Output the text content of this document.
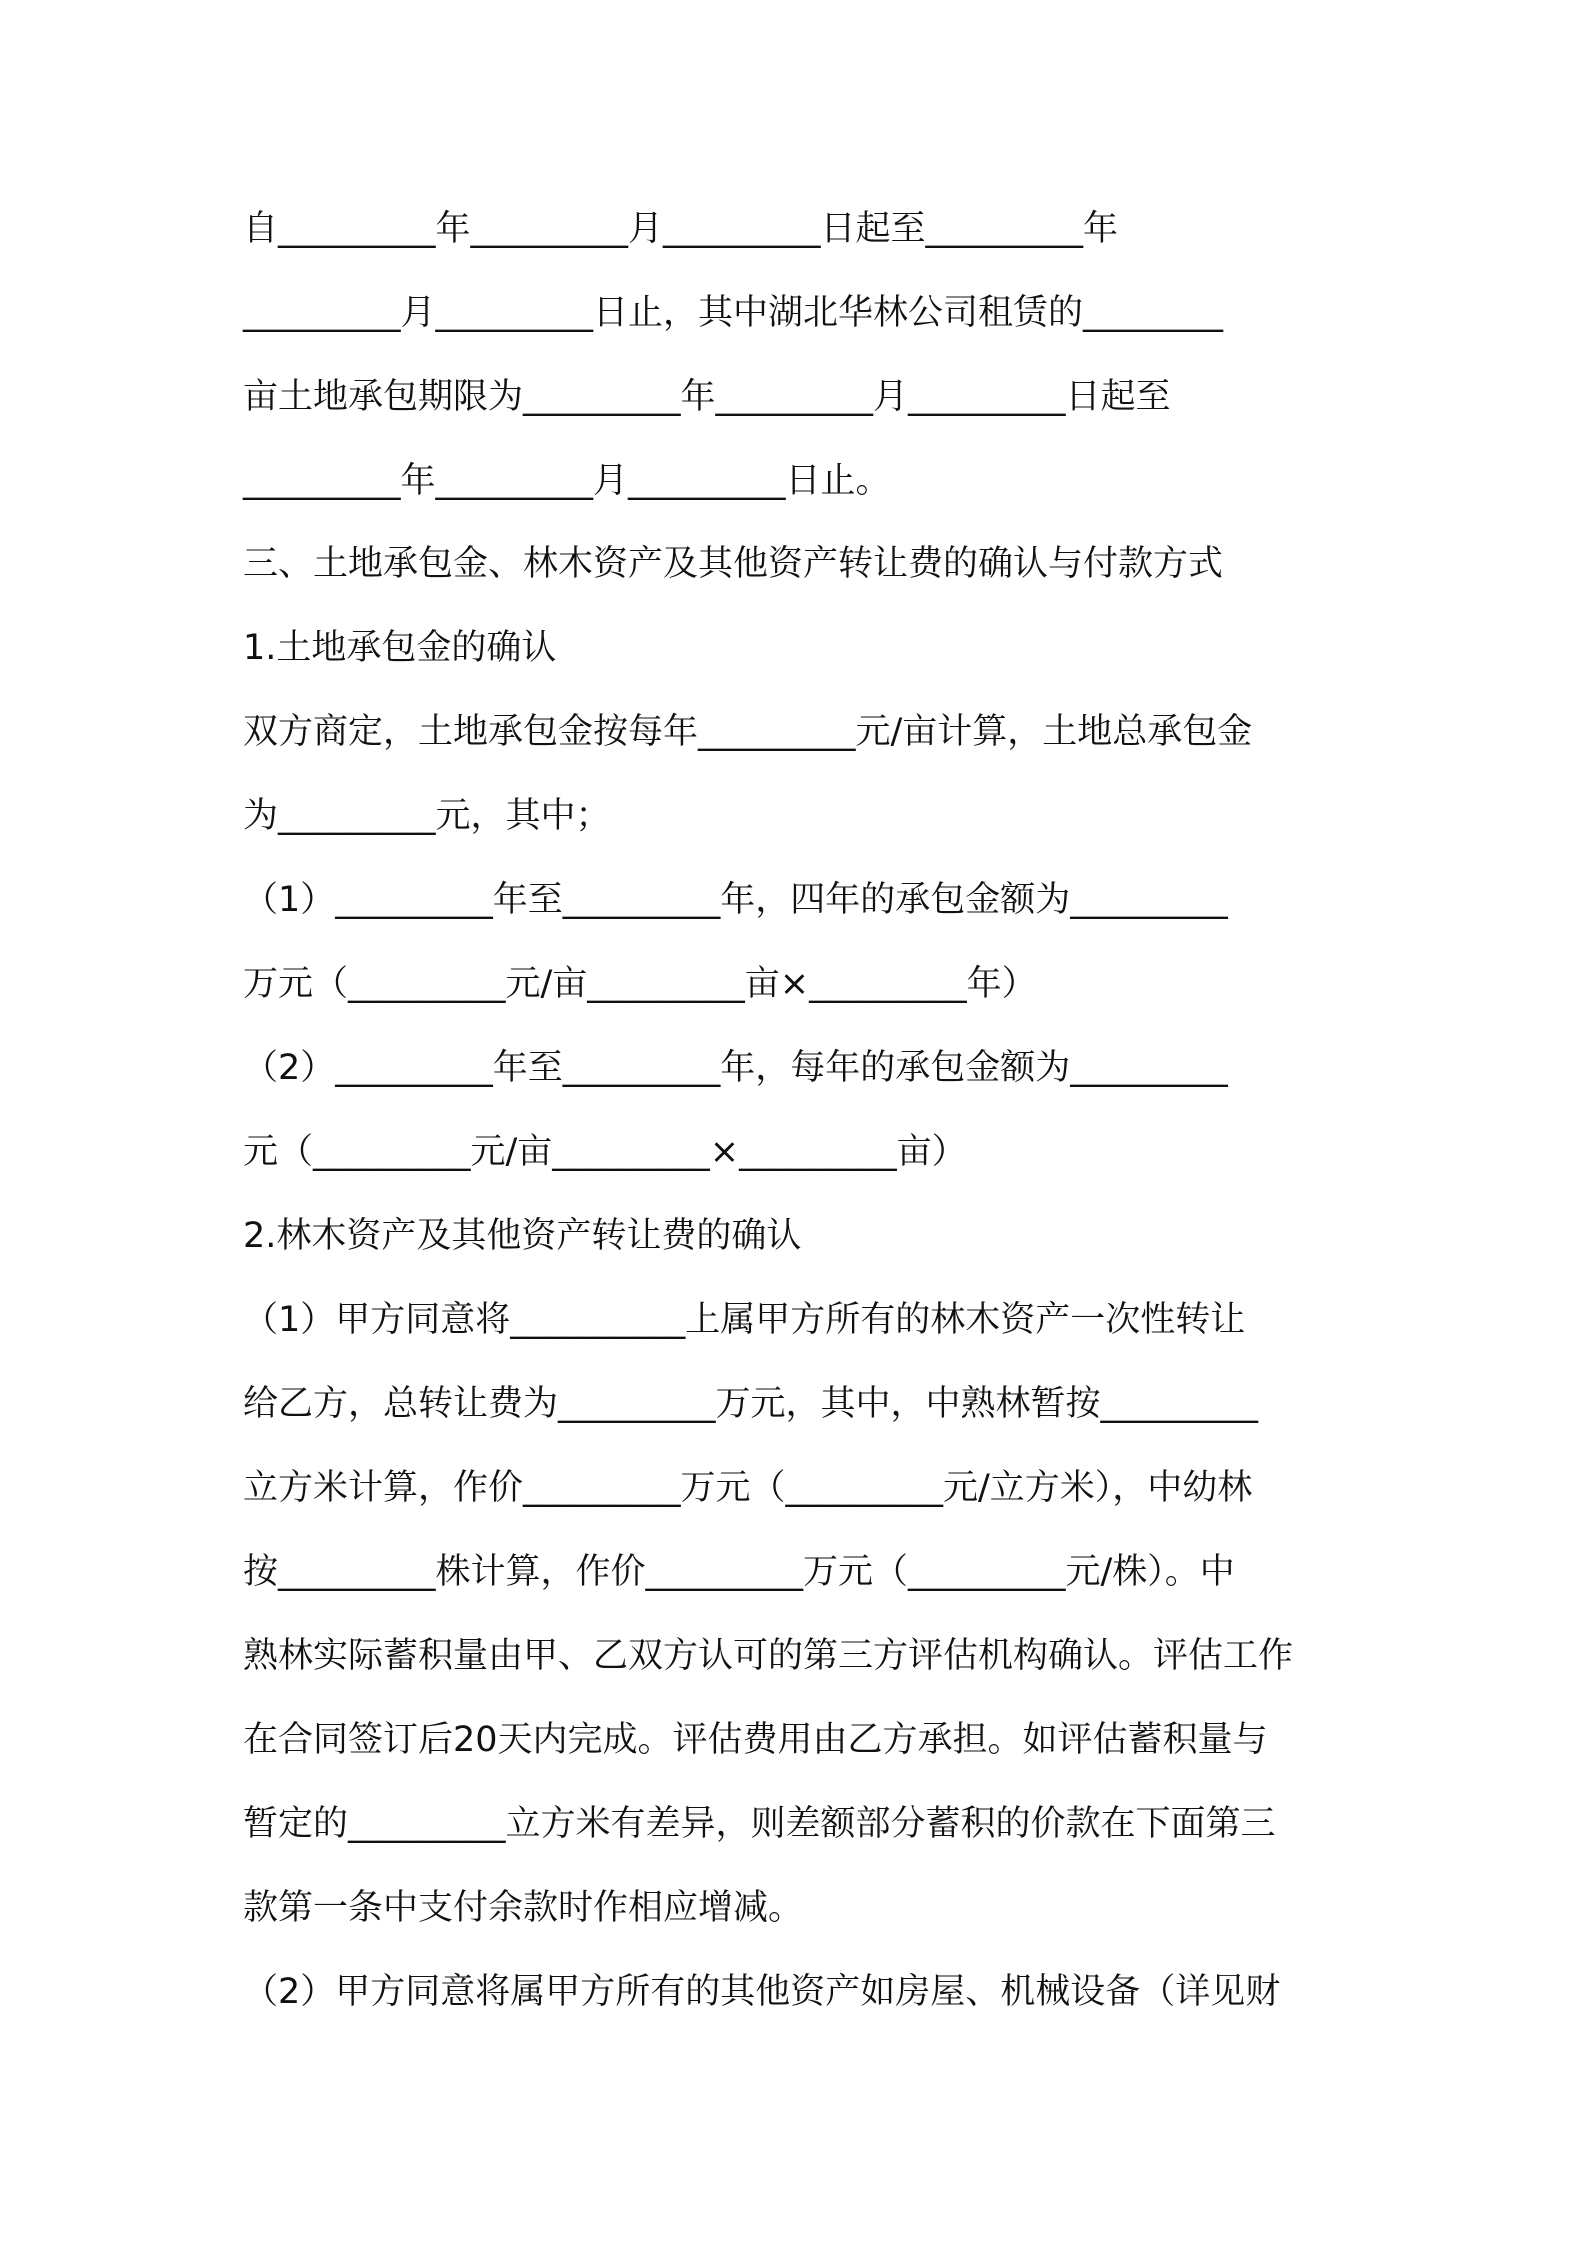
自_________年_________月_________日起至_________年
_________月_________日止，其中湖北华林公司租赁的________
亩土地承包期限为_________年_________月_________日起至
_________年_________月_________日止。
三、土地承包金、林木资产及其他资产转让费的确认与付款方式
1.土地承包金的确认
双方商定，土地承包金按每年_________元/亩计算，土地总承包金
为_________元，其中；
（1）_________年至_________年，四年的承包金额为_________
万元（_________元/亩_________亩×_________年）
（2）_________年至_________年，每年的承包金额为_________
元（_________元/亩_________×_________亩）
2.林木资产及其他资产转让费的确认
（1）甲方同意将__________上属甲方所有的林木资产一次性转让
给乙方，总转让费为_________万元，其中，中熟林暂按_________
立方米计算，作价_________万元（_________元/立方米），中幼林
按_________株计算，作价_________万元（_________元/株）。中
熟林实际蓄积量由甲、乙双方认可的第三方评估机构确认。评估工作
在合同签订后20天内完成。评估费用由乙方承担。如评估蓄积量与
暂定的_________立方米有差异，则差额部分蓄积的价款在下面第三
款第一条中支付余款时作相应增减。
（2）甲方同意将属甲方所有的其他资产如房屋、机械设备（详见财
